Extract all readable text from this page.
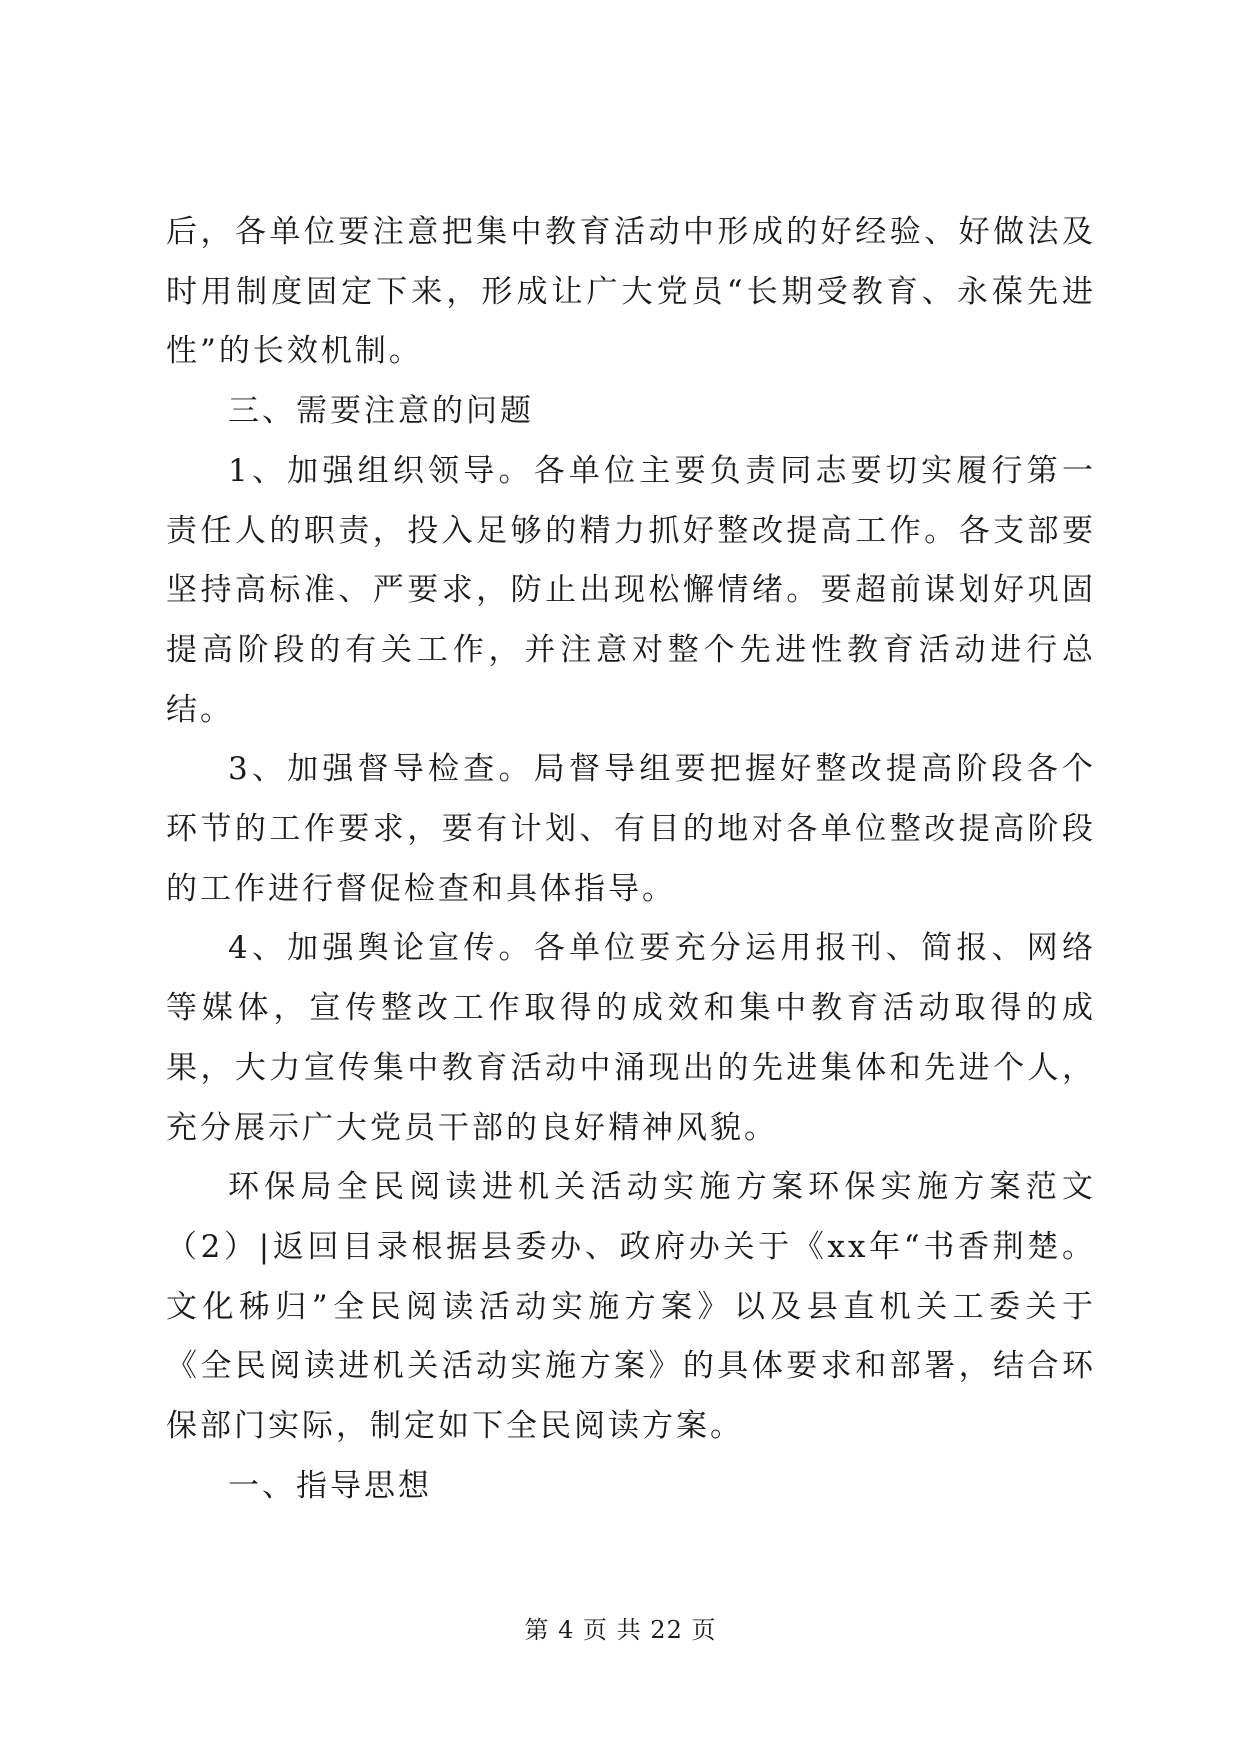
后，各单位要注意把集中教育活动中形成的好经验、好做法及时用制度固定下来，形成让广大党员“长期受教育、永葆先进性”的长效机制。

三、需要注意的问题

1、加强组织领导。各单位主要负责同志要切实履行第一责任人的职责，投入足够的精力抓好整改提高工作。各支部要坚持高标准、严要求，防止出现松懈情绪。要超前谋划好巩固提高阶段的有关工作，并注意对整个先进性教育活动进行总结。

3、加强督导检查。局督导组要把握好整改提高阶段各个环节的工作要求，要有计划、有目的地对各单位整改提高阶段的工作进行督促检查和具体指导。

4、加强舆论宣传。各单位要充分运用报刊、简报、网络等媒体，宣传整改工作取得的成效和集中教育活动取得的成果，大力宣传集中教育活动中涌现出的先进集体和先进个人，充分展示广大党员干部的良好精神风貌。

环保局全民阅读进机关活动实施方案环保实施方案范文（2）|返回目录根据县委办、政府办关于《xx年“书香荆楚。文化秭归”全民阅读活动实施方案》以及县直机关工委关于《全民阅读进机关活动实施方案》的具体要求和部署，结合环保部门实际，制定如下全民阅读方案。

一、指导思想

第 4 页 共 22 页
